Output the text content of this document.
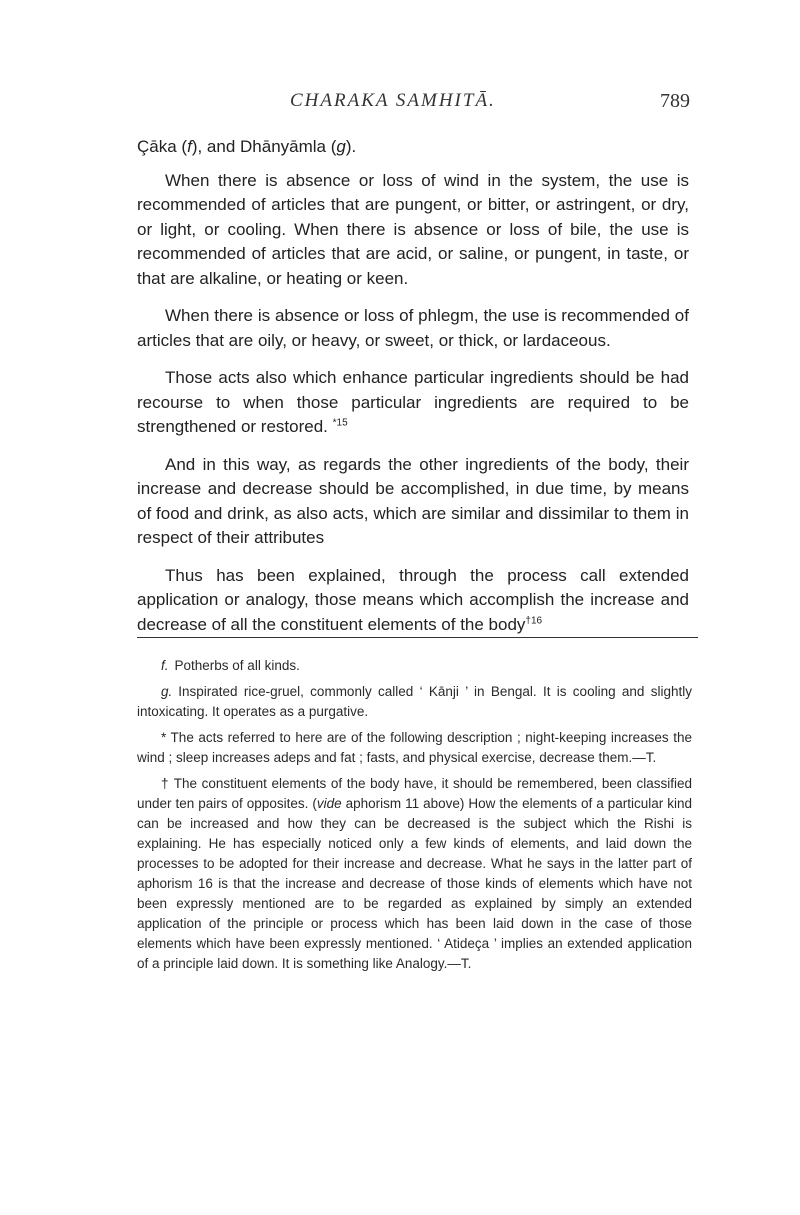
CHARAKA SAMHITĀ.	789

Çāka (f), and Dhānyāmla (g).

When there is absence or loss of wind in the system, the use is recommended of articles that are pungent, or bitter, or astringent, or dry, or light, or cooling. When there is absence or loss of bile, the use is recommended of articles that are acid, or saline, or pungent, in taste, or that are alkaline, or heating or keen.

When there is absence or loss of phlegm, the use is recommended of articles that are oily, or heavy, or sweet, or thick, or lardaceous.

Those acts also which enhance particular ingredients should be had recourse to when those particular ingredients are required to be strengthened or restored. $^{*15}$

And in this way, as regards the other ingredients of the body, their increase and decrease should be accomplished, in due time, by means of food and drink, as also acts, which are similar and dissimilar to them in respect of their attributes

Thus has been explained, through the process call extended application or analogy, those means which accomplish the increase and decrease of all the constituent elements of the body$^{\dagger 16}$

f. Potherbs of all kinds.

g. Inspirated rice-gruel, commonly called ‘ Kānji ’ in Bengal. It is cooling and slightly intoxicating. It operates as a purgative.

* The acts referred to here are of the following description ; night-keeping increases the wind ; sleep increases adeps and fat ; fasts, and physical exercise, decrease them.—T.

† The constituent elements of the body have, it should be remembered, been classified under ten pairs of opposites. (vide aphorism 11 above) How the elements of a particular kind can be increased and how they can be decreased is the subject which the Rishi is explaining. He has especially noticed only a few kinds of elements, and laid down the processes to be adopted for their increase and decrease. What he says in the latter part of aphorism 16 is that the increase and decrease of those kinds of elements which have not been expressly mentioned are to be regarded as explained by simply an extended application of the principle or process which has been laid down in the case of those elements which have been expressly mentioned. ‘ Atideça ’ implies an extended application of a principle laid down. It is something like Analogy.—T.
